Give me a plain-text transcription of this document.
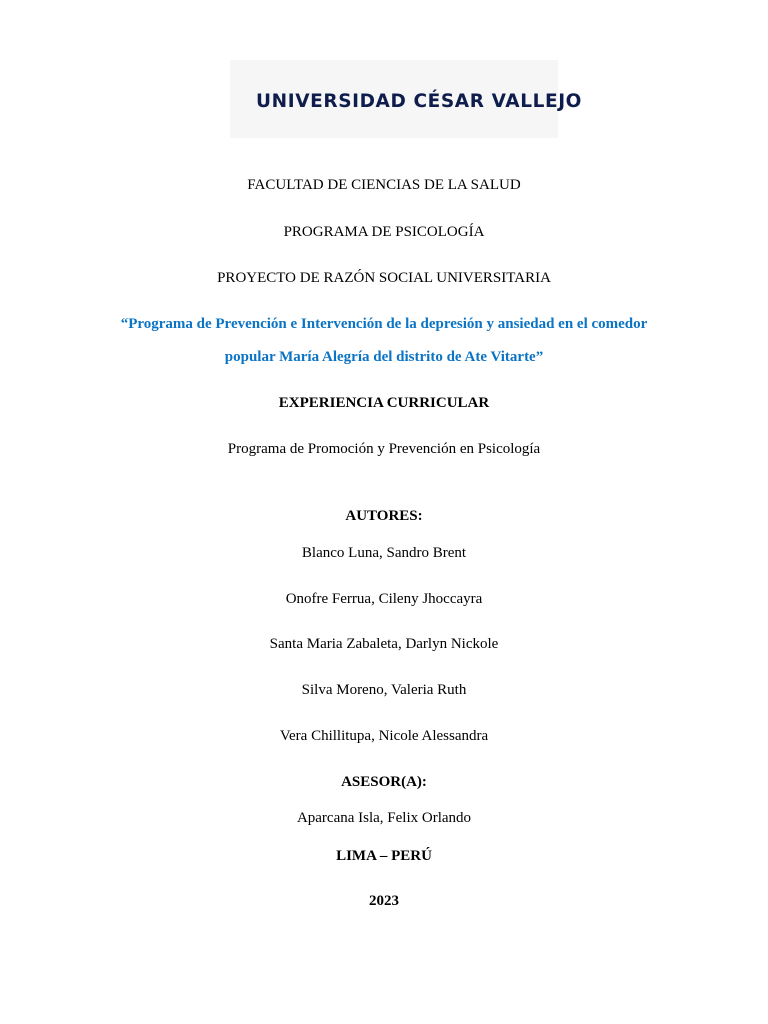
UNIVERSIDAD CÉSAR VALLEJO
FACULTAD DE CIENCIAS DE LA SALUD
PROGRAMA DE PSICOLOGÍA
PROYECTO DE RAZÓN SOCIAL UNIVERSITARIA
“Programa de Prevención e Intervención de la depresión y ansiedad en el comedor
popular María Alegría del distrito de Ate Vitarte”
EXPERIENCIA CURRICULAR
Programa de Promoción y Prevención en Psicología
AUTORES:
Blanco Luna, Sandro Brent
Onofre Ferrua, Cileny Jhoccayra
Santa Maria Zabaleta, Darlyn Nickole
Silva Moreno, Valeria Ruth
Vera Chillitupa, Nicole Alessandra
ASESOR(A):
Aparcana Isla, Felix Orlando
LIMA – PERÚ
2023
